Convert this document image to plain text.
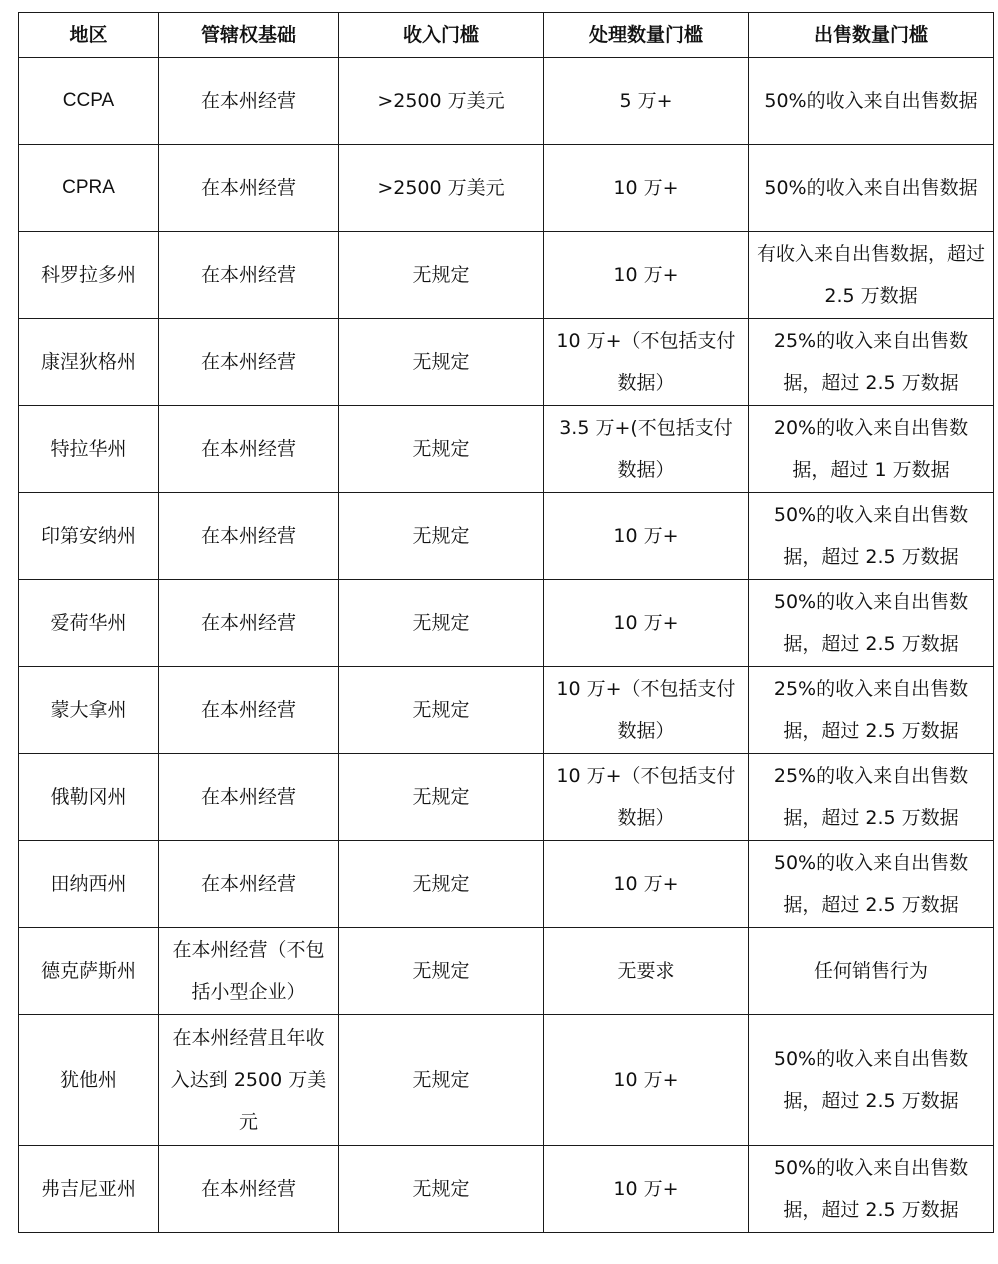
地区	管辖权基础	收入门槛	处理数量门槛	出售数量门槛
CCPA	在本州经营	>2500 万美元	5 万+	50%的收入来自出售数据
CPRA	在本州经营	>2500 万美元	10 万+	50%的收入来自出售数据
科罗拉多州	在本州经营	无规定	10 万+	有收入来自出售数据，超过 2.5 万数据
康涅狄格州	在本州经营	无规定	10 万+（不包括支付数据）	25%的收入来自出售数据，超过 2.5 万数据
特拉华州	在本州经营	无规定	3.5 万+(不包括支付数据）	20%的收入来自出售数据，超过 1 万数据
印第安纳州	在本州经营	无规定	10 万+	50%的收入来自出售数据，超过 2.5 万数据
爱荷华州	在本州经营	无规定	10 万+	50%的收入来自出售数据，超过 2.5 万数据
蒙大拿州	在本州经营	无规定	10 万+（不包括支付数据）	25%的收入来自出售数据，超过 2.5 万数据
俄勒冈州	在本州经营	无规定	10 万+（不包括支付数据）	25%的收入来自出售数据，超过 2.5 万数据
田纳西州	在本州经营	无规定	10 万+	50%的收入来自出售数据，超过 2.5 万数据
德克萨斯州	在本州经营（不包括小型企业）	无规定	无要求	任何销售行为
犹他州	在本州经营且年收入达到 2500 万美元	无规定	10 万+	50%的收入来自出售数据，超过 2.5 万数据
弗吉尼亚州	在本州经营	无规定	10 万+	50%的收入来自出售数据，超过 2.5 万数据
